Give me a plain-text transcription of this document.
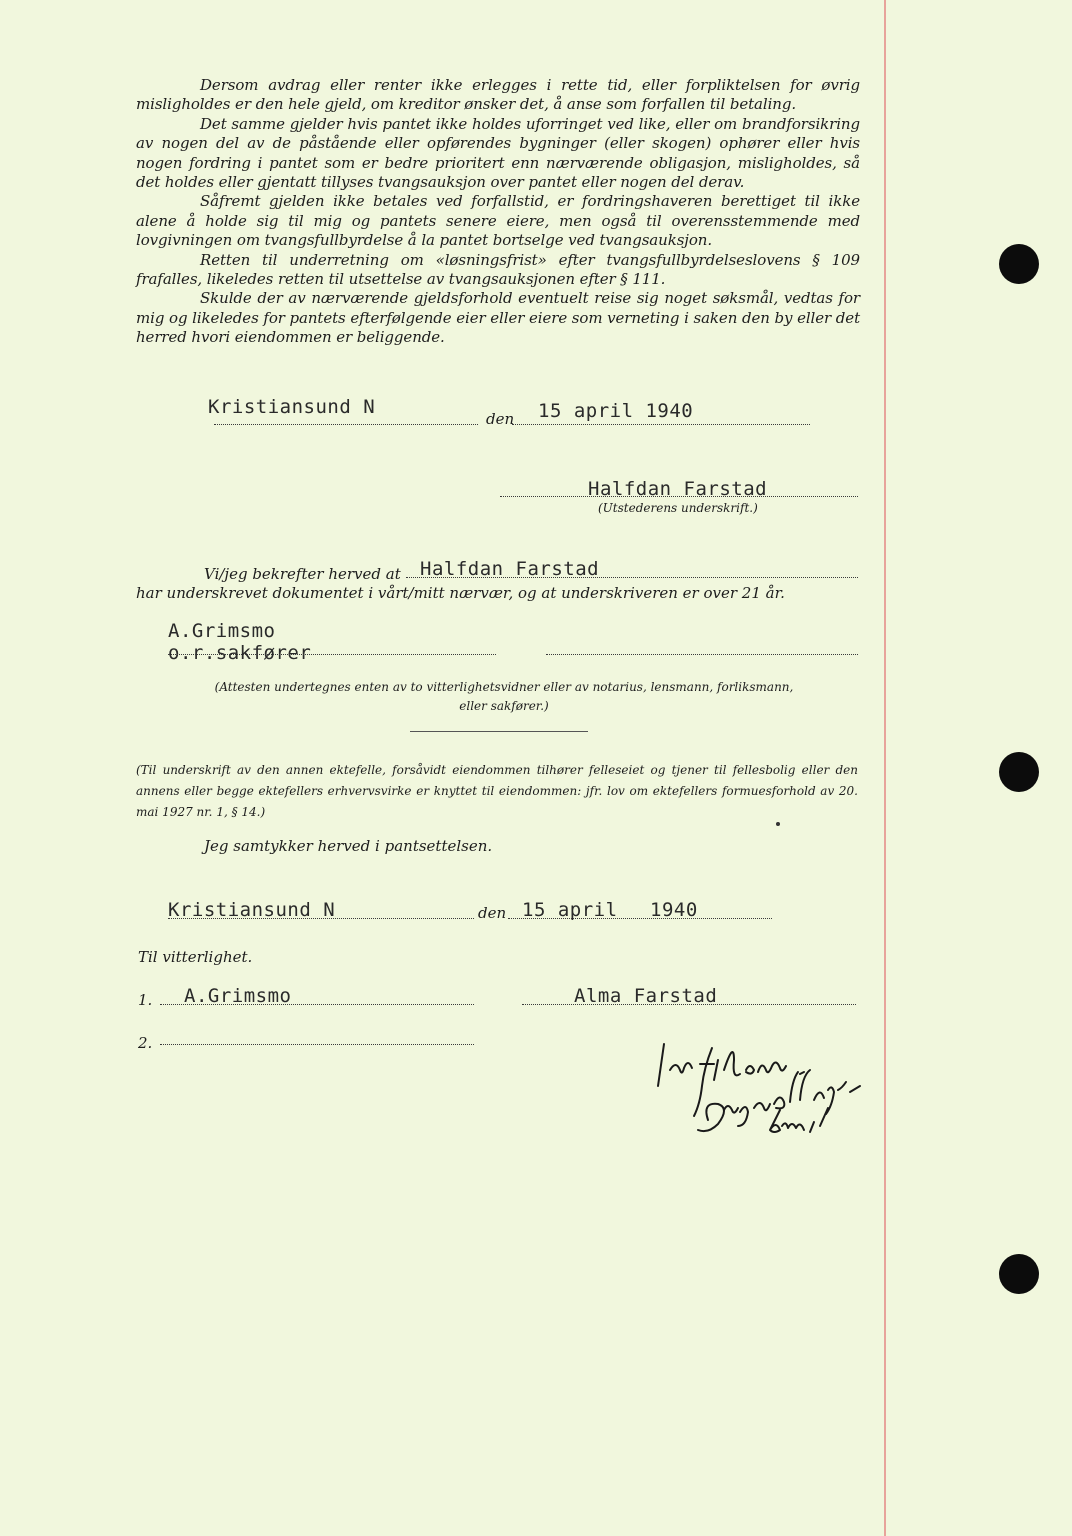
Dersom avdrag eller renter ikke erlegges i rette tid, eller forpliktelsen for øvrig misligholdes er den hele gjeld, om kreditor ønsker det, å anse som forfallen til betaling.

Det samme gjelder hvis pantet ikke holdes uforringet ved like, eller om brandforsikring av nogen del av de påstående eller opførendes bygninger (eller skogen) ophører eller hvis nogen fordring i pantet som er bedre prioritert enn nærværende obligasjon, misligholdes, så det holdes eller gjentatt tillyses tvangsauksjon over pantet eller nogen del derav.

Såfremt gjelden ikke betales ved forfallstid, er fordringshaveren berettiget til ikke alene å holde sig til mig og pantets senere eiere, men også til overensstemmende med lovgivningen om tvangsfullbyrdelse å la pantet bortselge ved tvangsauksjon.

Retten til underretning om «løsningsfrist» efter tvangsfullbyrdelseslovens § 109 frafalles, likeledes retten til utsettelse av tvangsauksjonen efter § 111.

Skulde der av nærværende gjeldsforhold eventuelt reise sig noget søksmål, vedtas for mig og likeledes for pantets efterfølgende eier eller eiere som verneting i saken den by eller det herred hvori eiendommen er beliggende.

Kristiansund N
den 15 april 1940
Halfdan Farstad
(Utstederens underskrift.)
Vi/jeg bekrefter herved at Halfdan Farstad
har underskrevet dokumentet i vårt/mitt nærvær, og at underskriveren er over 21 år.
A.Grimsmo
o.r.sakfører
(Attesten undertegnes enten av to vitterlighetsvidner eller av notarius, lensmann, forliksmann, eller sakfører.)
(Til underskrift av den annen ektefelle, forsåvidt eiendommen tilhører felleseiet og tjener til fellesbolig eller den annens eller begge ektefellers erhvervsvirke er knyttet til eiendommen: jfr. lov om ektefellers formuesforhold av 20. mai 1927 nr. 1, § 14.)
Jeg samtykker herved i pantsettelsen.
Kristiansund N	den 15 april 1940
Til vitterlighet.
1. A.Grimsmo	Alma Farstad
2.
